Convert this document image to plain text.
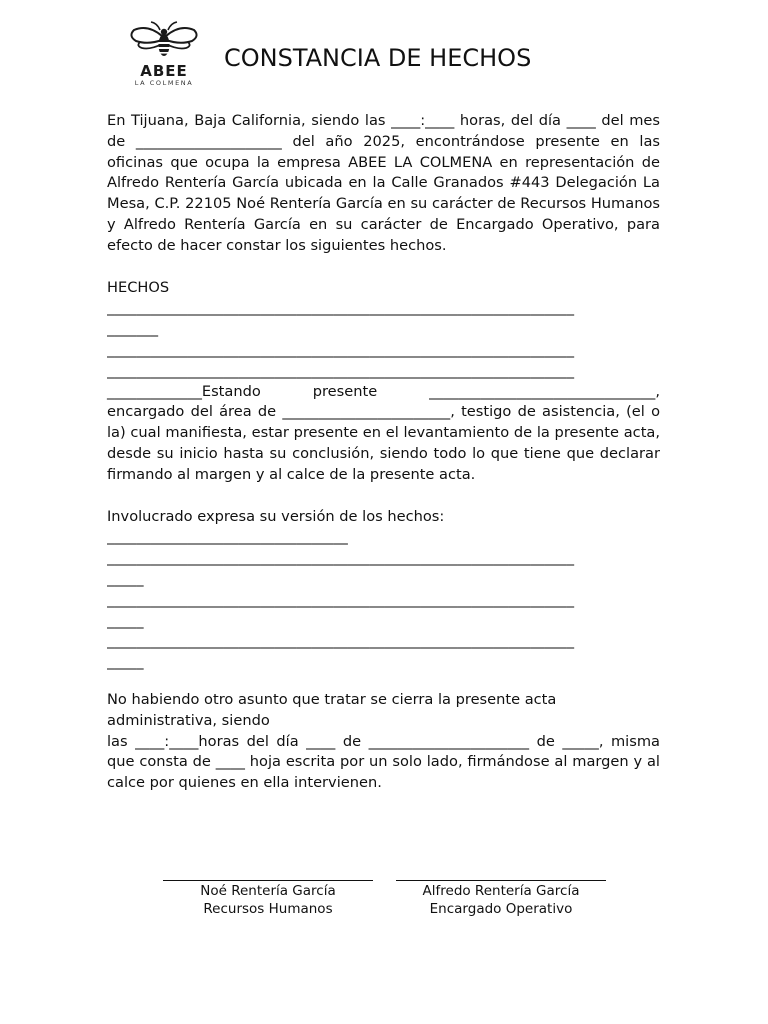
ABEE
LA COLMENA
CONSTANCIA DE HECHOS

En Tijuana, Baja California, siendo las ____:____ horas, del día ____ del mes de ____________________ del año 2025, encontrándose presente en las oficinas que ocupa la empresa ABEE LA COLMENA en representación de Alfredo Rentería García ubicada en la Calle Granados #443 Delegación La Mesa, C.P. 22105 Noé Rentería García en su carácter de Recursos Humanos y Alfredo Rentería García en su carácter de Encargado Operativo, para efecto de hacer constar los siguientes hechos.

HECHOS

________________________________________________________________

_______

________________________________________________________________

________________________________________________________________

_____________Estando presente _______________________________,

encargado del área de _______________________, testigo de asistencia, (el o la) cual manifiesta, estar presente en el levantamiento de la presente acta, desde su inicio hasta su conclusión, siendo todo lo que tiene que declarar firmando al margen y al calce de la presente acta.

Involucrado expresa su versión de los hechos:

_________________________________

________________________________________________________________

_____

________________________________________________________________

_____

________________________________________________________________

_____

No habiendo otro asunto que tratar se cierra la presente acta

administrativa, siendo

las ____:____horas del día ____ de ______________________ de _____, misma que consta de ____ hoja escrita por un solo lado, firmándose al margen y al calce por quienes en ella intervienen.

Noé Rentería García
Recursos Humanos
Alfredo Rentería García
Encargado Operativo
